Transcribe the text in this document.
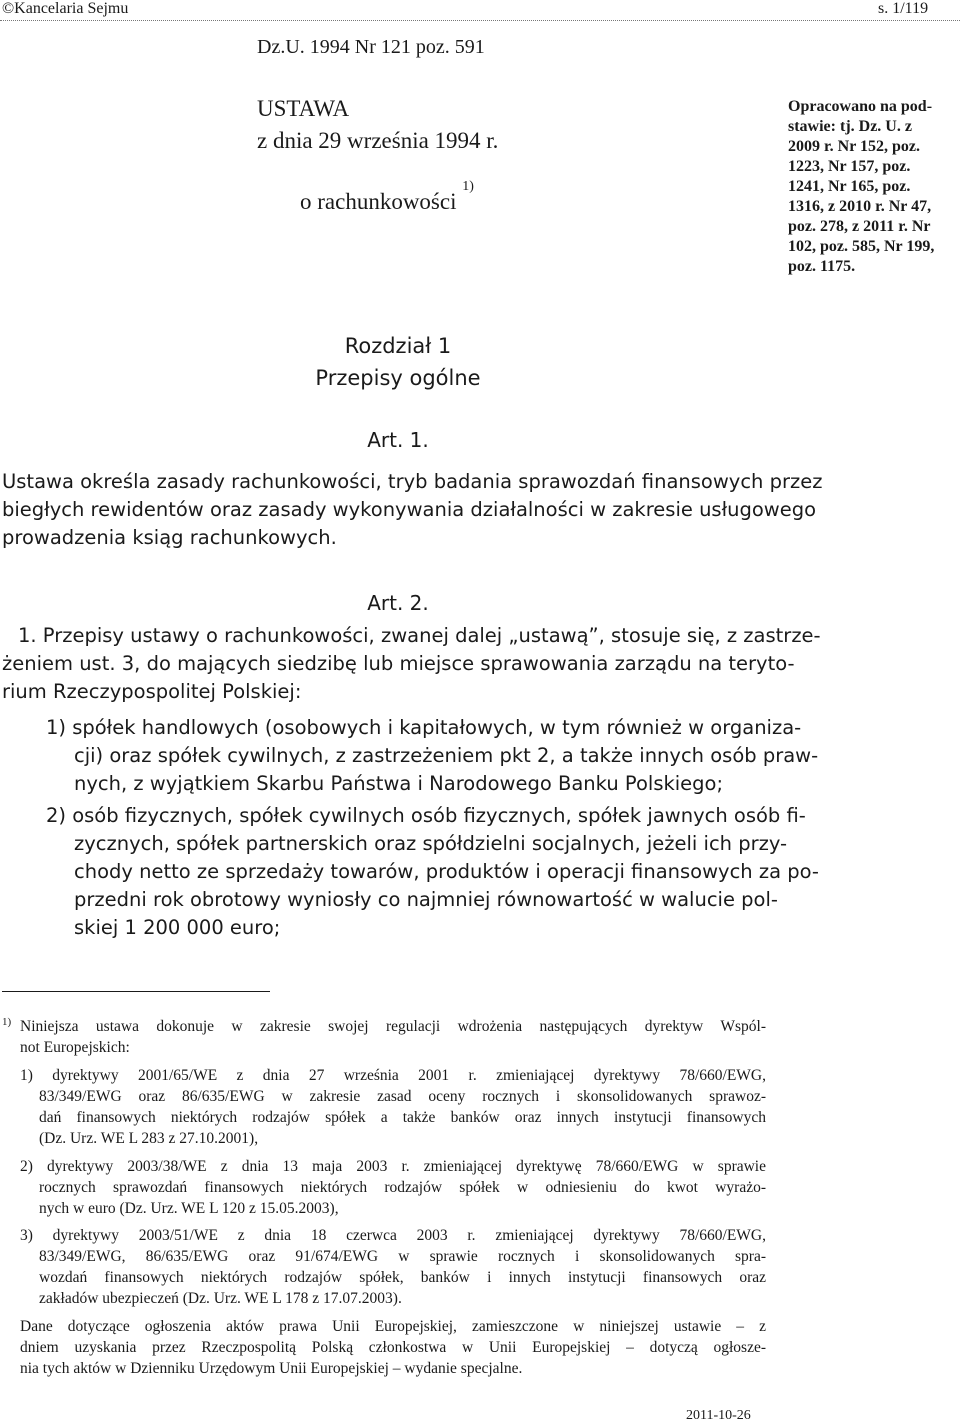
©Kancelaria Sejmu	s. 1/119
Dz.U. 1994 Nr 121 poz. 591
USTAWA
z dnia 29 września 1994 r.
o rachunkowości $^{1)}$
Opracowano na pod-
stawie: tj. Dz. U. z
2009 r. Nr 152, poz.
1223, Nr 157, poz.
1241, Nr 165, poz.
1316, z 2010 r. Nr 47,
poz. 278, z 2011 r. Nr
102, poz. 585, Nr 199,
poz. 1175.
Rozdział 1
Przepisy ogólne
Art. 1.
Ustawa określa zasady rachunkowości, tryb badania sprawozdań finansowych przez
biegłych rewidentów oraz zasady wykonywania działalności w zakresie usługowego
prowadzenia ksiąg rachunkowych.
Art. 2.
1. Przepisy ustawy o rachunkowości, zwanej dalej „ustawą”, stosuje się, z zastrze-
żeniem ust. 3, do mających siedzibę lub miejsce sprawowania zarządu na teryto-
rium Rzeczypospolitej Polskiej:
1) spółek handlowych (osobowych i kapitałowych, w tym również w organiza-
cji) oraz spółek cywilnych, z zastrzeżeniem pkt 2, a także innych osób praw-
nych, z wyjątkiem Skarbu Państwa i Narodowego Banku Polskiego;
2) osób fizycznych, spółek cywilnych osób fizycznych, spółek jawnych osób fi-
zycznych, spółek partnerskich oraz spółdzielni socjalnych, jeżeli ich przy-
chody netto ze sprzedaży towarów, produktów i operacji finansowych za po-
przedni rok obrotowy wyniosły co najmniej równowartość w walucie pol-
skiej 1 200 000 euro;
1) Niniejsza ustawa dokonuje w zakresie swojej regulacji wdrożenia następujących dyrektyw Wspól-
not Europejskich:
1) dyrektywy 2001/65/WE z dnia 27 września 2001 r. zmieniającej dyrektywy 78/660/EWG,
83/349/EWG oraz 86/635/EWG w zakresie zasad oceny rocznych i skonsolidowanych sprawoz-
dań finansowych niektórych rodzajów spółek a także banków oraz innych instytucji finansowych
(Dz. Urz. WE L 283 z 27.10.2001),
2) dyrektywy 2003/38/WE z dnia 13 maja 2003 r. zmieniającej dyrektywę 78/660/EWG w sprawie
rocznych sprawozdań finansowych niektórych rodzajów spółek w odniesieniu do kwot wyrażo-
nych w euro (Dz. Urz. WE L 120 z 15.05.2003),
3) dyrektywy 2003/51/WE z dnia 18 czerwca 2003 r. zmieniającej dyrektywy 78/660/EWG,
83/349/EWG, 86/635/EWG oraz 91/674/EWG w sprawie rocznych i skonsolidowanych spra-
wozdań finansowych niektórych rodzajów spółek, banków i innych instytucji finansowych oraz
zakładów ubezpieczeń (Dz. Urz. WE L 178 z 17.07.2003).
Dane dotyczące ogłoszenia aktów prawa Unii Europejskiej, zamieszczone w niniejszej ustawie – z
dniem uzyskania przez Rzeczpospolitą Polską członkostwa w Unii Europejskiej – dotyczą ogłosze-
nia tych aktów w Dzienniku Urzędowym Unii Europejskiej – wydanie specjalne.
2011-10-26
